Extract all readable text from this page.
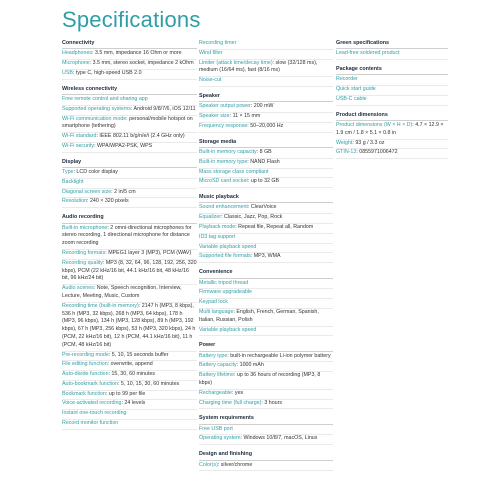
Specifications
Connectivity
Headphones: 3.5 mm, impedance 16 Ohm or more
Microphone: 3.5 mm, stereo socket, impedance 2 kOhm
USB: type C, high-speed USB 2.0
Wireless connectivity
Free remote control and sharing app
Supported operating systems: Android 9/8/7/6, iOS 12/11
Wi-Fi communication mode: personal/mobile hotspot on smartphone (tethering)
Wi-Fi standard: IEEE 802.11 b/g/n/e/i (2.4 GHz only)
Wi-Fi security: WPA/WPA2-PSK, WPS
Display
Type: LCD color display
Backlight
Diagonal screen size: 2 in/5 cm
Resolution: 240 × 320 pixels
Audio recording
Built-in microphone: 2 omni-directional microphones for stereo recording, 1 directional microphone for distance zoom recording
Recording formats: MPEG1 layer 3 (MP3), PCM (WAV)
Recording quality: MP3 (8, 32, 64, 96, 128, 192, 256, 320 kbps), PCM (22 kHz/16 bit, 44.1 kHz/16 bit, 48 kHz/16 bit, 96 kHz/24 bit)
Audio scenes: Note, Speech recognition, Interview, Lecture, Meeting, Music, Custom
Recording time (built-in memory): 2147 h (MP3, 8 kbps), 536 h (MP3, 32 kbps), 268 h (MP3, 64 kbps), 178 h (MP3, 96 kbps), 134 h (MP3, 128 kbps), 89 h (MP3, 192 kbps), 67 h (MP3, 256 kbps), 53 h (MP3, 320 kbps), 24 h (PCM, 22 kHz/16 bit), 12 h (PCM, 44.1 kHz/16 bit), 11 h (PCM, 48 kHz/16 bit)
Pre-recording mode: 5, 10, 15 seconds buffer
File editing function: overwrite, append
Auto-divide function: 15, 30, 60 minutes
Auto-bookmark function: 5, 10, 15, 30, 60 minutes
Bookmark function: up to 99 per file
Voice-activated recording: 24 levels
Instant one-touch recording
Record monitor function
Recording timer
Wind filter
Limiter (attack time/decay time): slow (32/128 ms), medium (16/64 ms), fast (8/16 ms)
Noise-cut
Speaker
Speaker output power: 200 mW
Speaker size: 11 × 15 mm
Frequency response: 50–20,000 Hz
Storage media
Built-in memory capacity: 8 GB
Built-in memory type: NAND Flash
Mass storage class compliant
MicroSD card socket: up to 32 GB
Music playback
Sound enhancement: ClearVoice
Equalizer: Classic, Jazz, Pop, Rock
Playback mode: Repeat file, Repeat all, Random
ID3 tag support
Variable playback speed
Supported file formats: MP3, WMA
Convenience
Metallic tripod thread
Firmware upgradeable
Keypad lock
Multi language: English, French, German, Spanish, Italian, Russian, Polish
Variable playback speed
Power
Battery type: built-in rechargeable Li-ion polymer battery
Battery capacity: 1000 mAh
Battery lifetime: up to 36 hours of recording (MP3, 8 kbps)
Rechargeable: yes
Charging time (full charge): 3 hours
System requirements
Free USB port
Operating system: Windows 10/8/7, macOS, Linux
Design and finishing
Color(s): silver/chrome
Green specifications
Lead-free soldered product
Package contents
Recorder
Quick start guide
USB-C cable
Product dimensions
Product dimensions (W × H × D): 4.7 × 12.9 × 1.9 cm / 1.8 × 5.1 × 0.8 in
Weight: 93 g / 3.3 oz
GTIN-13: 0855971006472
